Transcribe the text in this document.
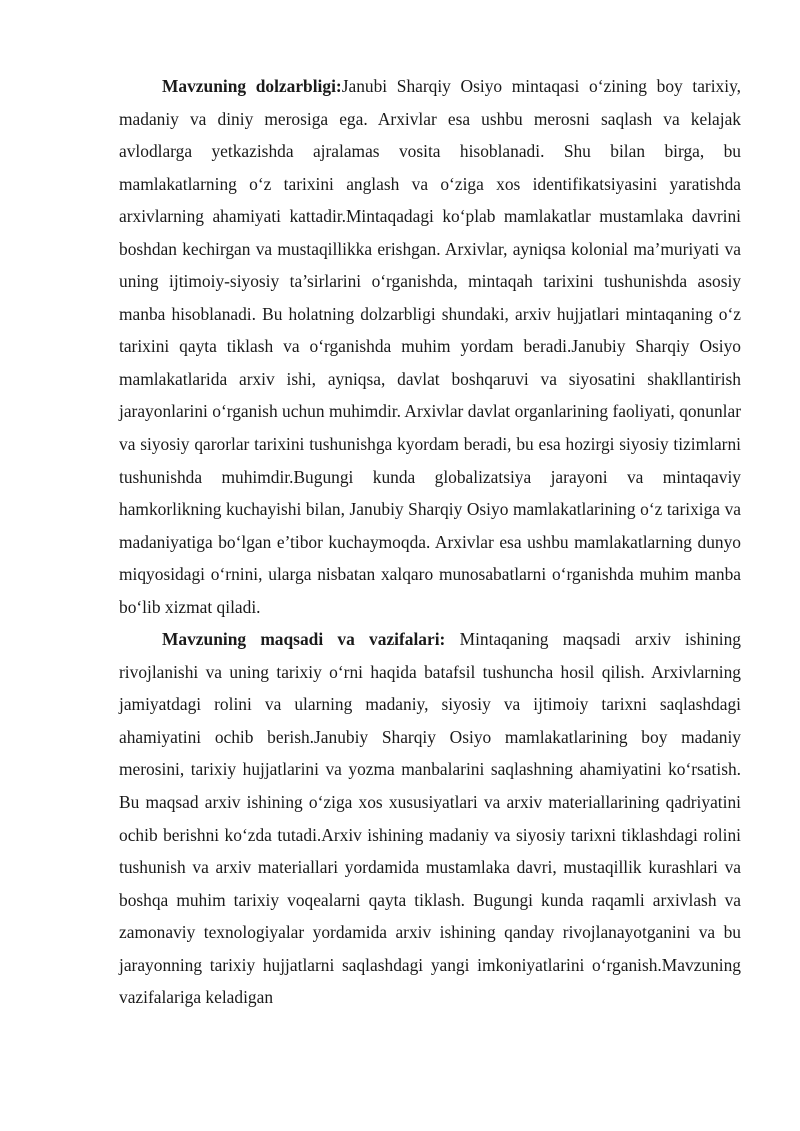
Mavzuning dolzarbligi:Janubi Sharqiy Osiyo mintaqasi o‘zining boy tarixiy, madaniy va diniy merosiga ega. Arxivlar esa ushbu merosni saqlash va kelajak avlodlarga yetkazishda ajralamas vosita hisoblanadi. Shu bilan birga, bu mamlakatlarning o‘z tarixini anglash va o‘ziga xos identifikatsiyasini yaratishda arxivlarning ahamiyati kattadir.Mintaqadagi ko‘plab mamlakatlar mustamlaka davrini boshdan kechirgan va mustaqillikka erishgan. Arxivlar, ayniqsa kolonial ma’muriyati va uning ijtimoiy-siyosiy ta’sirlarini o‘rganishda, mintaqah tarixini tushunishda asosiy manba hisoblanadi. Bu holatning dolzarbligi shundaki, arxiv hujjatlari mintaqaning o‘z tarixini qayta tiklash va o‘rganishda muhim yordam beradi.Janubiy Sharqiy Osiyo mamlakatlarida arxiv ishi, ayniqsa, davlat boshqaruvi va siyosatini shakllantirish jarayonlarini o‘rganish uchun muhimdir. Arxivlar davlat organlarining faoliyati, qonunlar va siyosiy qarorlar tarixini tushunishga kyordam beradi, bu esa hozirgi siyosiy tizimlarni tushunishda muhimdir.Bugungi kunda globalizatsiya jarayoni va mintaqaviy hamkorlikning kuchayishi bilan, Janubiy Sharqiy Osiyo mamlakatlarining o‘z tarixiga va madaniyatiga bo‘lgan e’tibor kuchaymoqda. Arxivlar esa ushbu mamlakatlarning dunyo miqyosidagi o‘rnini, ularga nisbatan xalqaro munosabatlarni o‘rganishda muhim manba bo‘lib xizmat qiladi.

Mavzuning maqsadi va vazifalari: Mintaqaning maqsadi arxiv ishining rivojlanishi va uning tarixiy o‘rni haqida batafsil tushuncha hosil qilish. Arxivlarning jamiyatdagi rolini va ularning madaniy, siyosiy va ijtimoiy tarixni saqlashdagi ahamiyatini ochib berish.Janubiy Sharqiy Osiyo mamlakatlarining boy madaniy merosini, tarixiy hujjatlarini va yozma manbalarini saqlashning ahamiyatini ko‘rsatish. Bu maqsad arxiv ishining o‘ziga xos xususiyatlari va arxiv materiallarining qadriyatini ochib berishni ko‘zda tutadi.Arxiv ishining madaniy va siyosiy tarixni tiklashdagi rolini tushunish va arxiv materiallari yordamida mustamlaka davri, mustaqillik kurashlari va boshqa muhim tarixiy voqealarni qayta tiklash. Bugungi kunda raqamli arxivlash va zamonaviy texnologiyalar yordamida arxiv ishining qanday rivojlanayotganini va bu jarayonning tarixiy hujjatlarni saqlashdagi yangi imkoniyatlarini o‘rganish.Mavzuning vazifalariga keladigan
